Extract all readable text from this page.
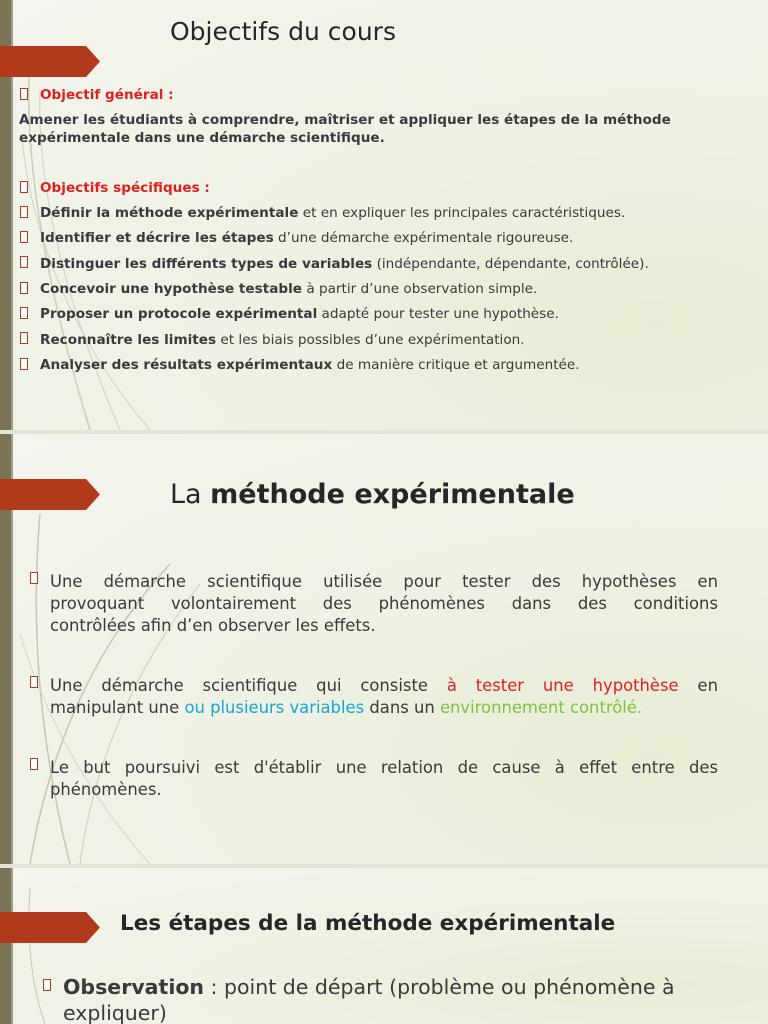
Objectifs du cours
Objectif général :
Amener les étudiants à comprendre, maîtriser et appliquer les étapes de la méthode
expérimentale dans une démarche scientifique.
Objectifs spécifiques :
Définir la méthode expérimentale et en expliquer les principales caractéristiques.
Identifier et décrire les étapes d’une démarche expérimentale rigoureuse.
Distinguer les différents types de variables (indépendante, dépendante, contrôlée).
Concevoir une hypothèse testable à partir d’une observation simple.
Proposer un protocole expérimental adapté pour tester une hypothèse.
Reconnaître les limites et les biais possibles d’une expérimentation.
Analyser des résultats expérimentaux de manière critique et argumentée.
La méthode expérimentale
Une démarche scientifique utilisée pour tester des hypothèses en
provoquant volontairement des phénomènes dans des conditions
contrôlées afin d’en observer les effets.
Une démarche scientifique qui consiste à tester une hypothèse en
manipulant une ou plusieurs variables dans un environnement contrôlé.
Le but poursuivi est d'établir une relation de cause à effet entre des
phénomènes.
Les étapes de la méthode expérimentale
Observation : point de départ (problème ou phénomène à
expliquer)
